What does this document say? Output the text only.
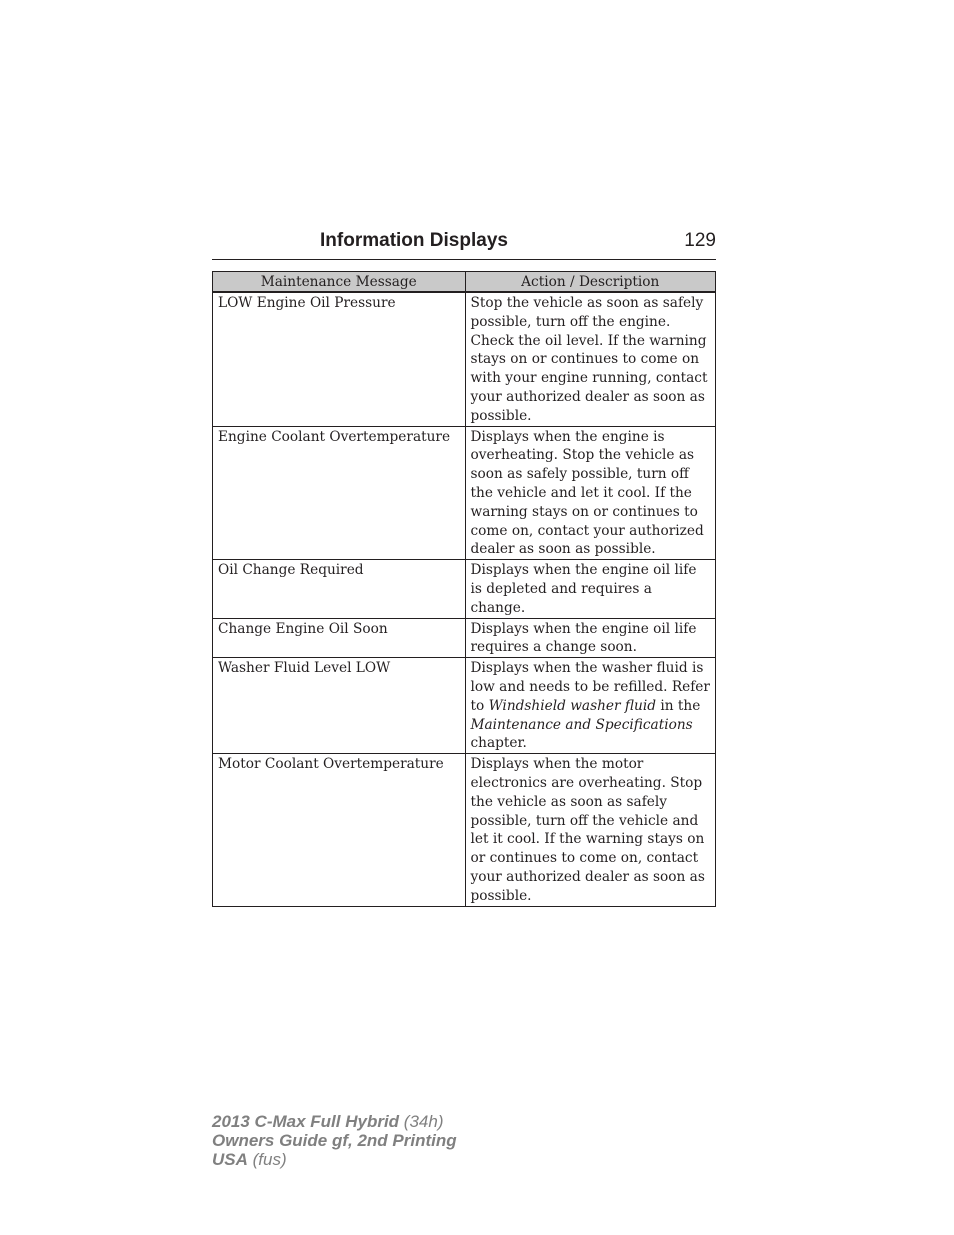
Information Displays	129
Maintenance Message	Action / Description
LOW Engine Oil Pressure	Stop the vehicle as soon as safely possible, turn off the engine. Check the oil level. If the warning stays on or continues to come on with your engine running, contact your authorized dealer as soon as possible.
Engine Coolant Overtemperature	Displays when the engine is overheating. Stop the vehicle as soon as safely possible, turn off the vehicle and let it cool. If the warning stays on or continues to come on, contact your authorized dealer as soon as possible.
Oil Change Required	Displays when the engine oil life is depleted and requires a change.
Change Engine Oil Soon	Displays when the engine oil life requires a change soon.
Washer Fluid Level LOW	Displays when the washer fluid is low and needs to be refilled. Refer to Windshield washer fluid in the Maintenance and Specifications chapter.
Motor Coolant Overtemperature	Displays when the motor electronics are overheating. Stop the vehicle as soon as safely possible, turn off the vehicle and let it cool. If the warning stays on or continues to come on, contact your authorized dealer as soon as possible.
2013 C-Max Full Hybrid (34h)
Owners Guide gf, 2nd Printing
USA (fus)
